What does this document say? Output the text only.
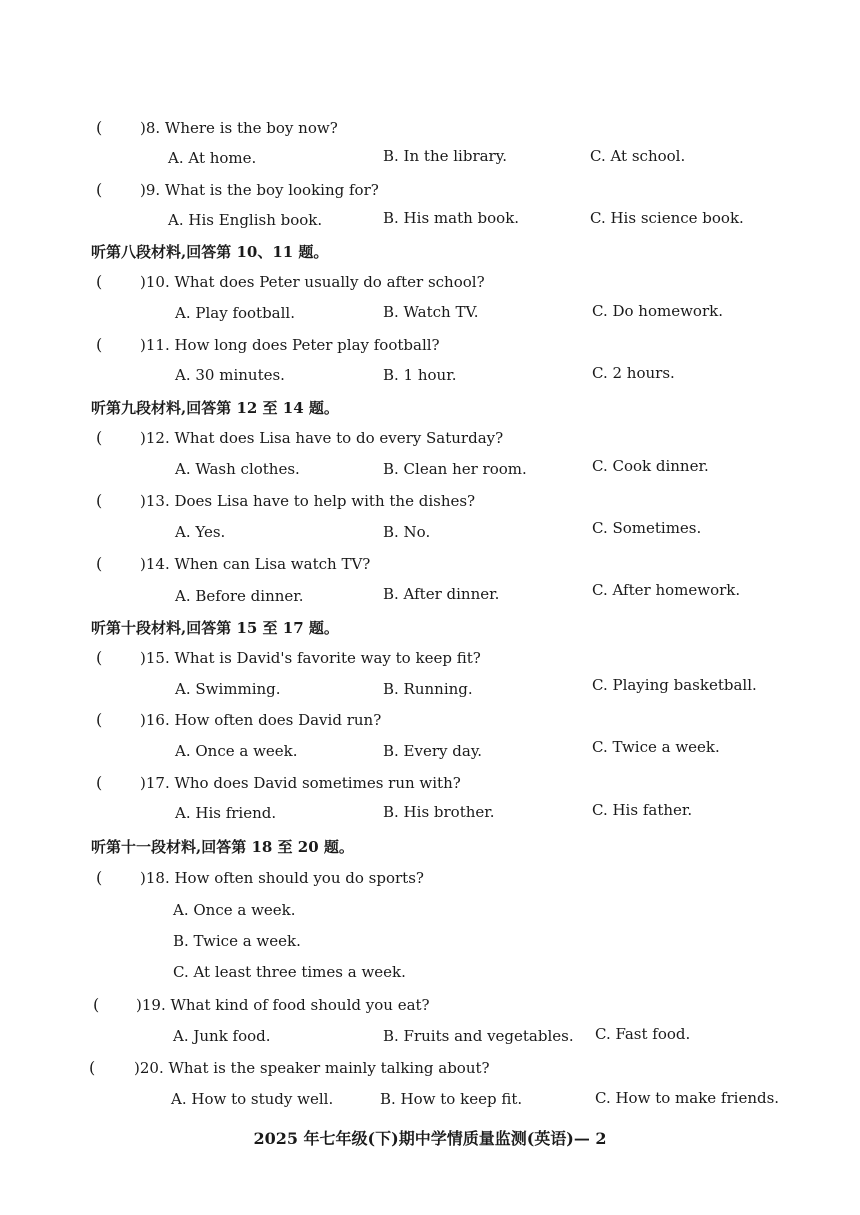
(	)8. Where is the boy now?
A. At home.	B. In the library.	C. At school.
(	)9. What is the boy looking for?
A. His English book.	B. His math book.	C. His science book.
听第八段材料,回答第 10、11 题。
(	)10. What does Peter usually do after school?
A. Play football.	B. Watch TV.	C. Do homework.
(	)11. How long does Peter play football?
A. 30 minutes.	B. 1 hour.	C. 2 hours.
听第九段材料,回答第 12 至 14 题。
(	)12. What does Lisa have to do every Saturday?
A. Wash clothes.	B. Clean her room.	C. Cook dinner.
(	)13. Does Lisa have to help with the dishes?
A. Yes.	B. No.	C. Sometimes.
(	)14. When can Lisa watch TV?
A. Before dinner.	B. After dinner.	C. After homework.
听第十段材料,回答第 15 至 17 题。
(	)15. What is David's favorite way to keep fit?
A. Swimming.	B. Running.	C. Playing basketball.
(	)16. How often does David run?
A. Once a week.	B. Every day.	C. Twice a week.
(	)17. Who does David sometimes run with?
A. His friend.	B. His brother.	C. His father.
听第十一段材料,回答第 18 至 20 题。
(	)18. How often should you do sports?
A. Once a week.
B. Twice a week.
C. At least three times a week.
( )19. What kind of food should you eat?
A. Junk food.	B. Fruits and vegetables. C. Fast food.
(	)20. What is the speaker mainly talking about?
A. How to study well.	B. How to keep fit.	C. How to make friends.
2025 年七年级(下)期中学情质量监测(英语)— 2
